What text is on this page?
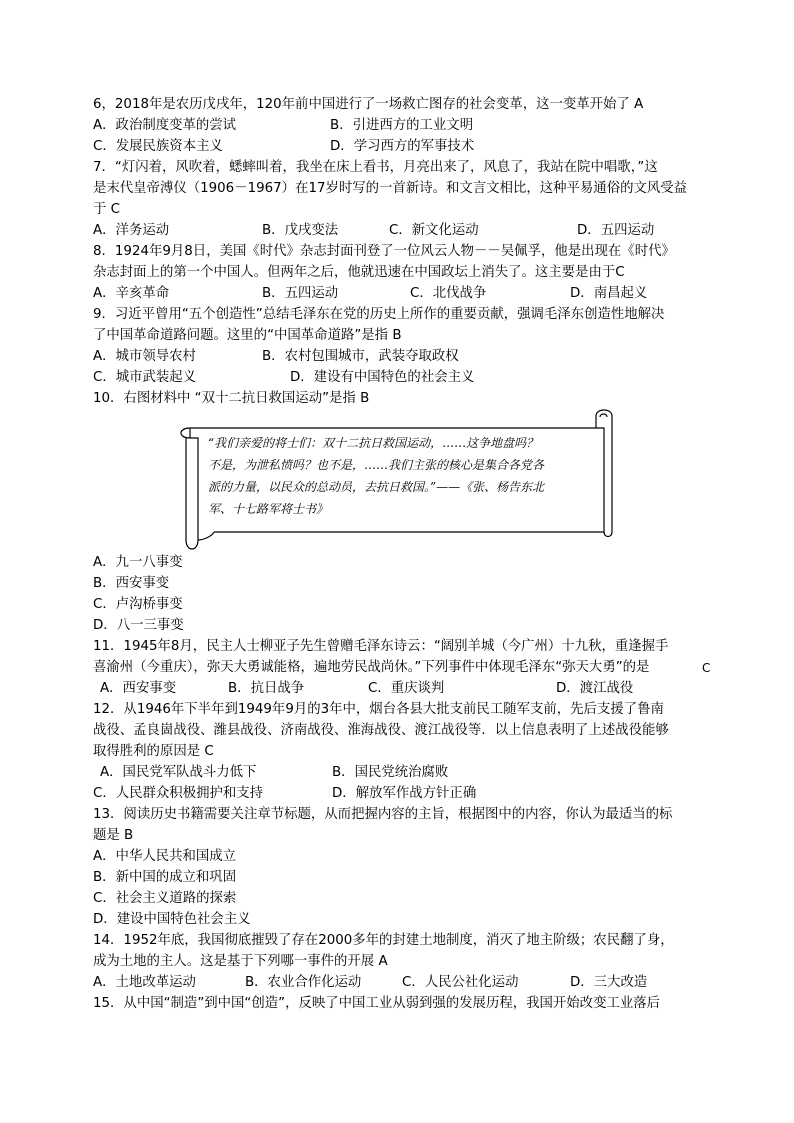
6，2018年是农历戊戌年，120年前中国进行了一场救亡图存的社会变革，这一变革开始了 A
A．政治制度变革的尝试	B．引进西方的工业文明
C．发展民族资本主义	D．学习西方的军事技术
7．“灯闪着，风吹着，蟋蟀叫着，我坐在床上看书，月亮出来了，风息了，我站在院中唱歌，”这
是末代皇帝溥仪（1906－1967）在17岁时写的一首新诗。和文言文相比，这种平易通俗的文风受益
于 C
A．洋务运动	B．戊戌变法	C．新文化运动	D．五四运动
8．1924年9月8日，美国《时代》杂志封面刊登了一位风云人物－－吴佩孚，他是出现在《时代》
杂志封面上的第一个中国人。但两年之后，他就迅速在中国政坛上消失了。这主要是由于C
A．辛亥革命	B．五四运动	C．北伐战争	D．南昌起义
9．习近平曾用“五个创造性”总结毛泽东在党的历史上所作的重要贡献，强调毛泽东创造性地解决
了中国革命道路问题。这里的“中国革命道路”是指 B
A．城市领导农村	B．农村包围城市，武装夺取政权
C．城市武装起义	D．建设有中国特色的社会主义
10．右图材料中 “双十二抗日救国运动”是指 B
“我们亲爱的将士们：双十二抗日救国运动，……这争地盘吗？
不是，为泄私愤吗？也不是，……我们主张的核心是集合各党各
派的力量，以民众的总动员，去抗日救国。”——《张、杨告东北
军、十七路军将士书》
A．九一八事变
B．西安事变
C．卢沟桥事变
D．八一三事变
11．1945年8月，民主人士柳亚子先生曾赠毛泽东诗云：“阔别羊城（今广州）十九秋，重逢握手
喜渝州（今重庆），弥天大勇诚能格，遍地劳民战尚休。”下列事件中体现毛泽东“弥天大勇”的是	C
A．西安事变	B．抗日战争	C．重庆谈判	D．渡江战役
12．从1946年下半年到1949年9月的3年中，烟台各县大批支前民工随军支前，先后支援了鲁南
战役、孟良崮战役、潍县战役、济南战役、淮海战役、渡江战役等．以上信息表明了上述战役能够
取得胜利的原因是 C
A．国民党军队战斗力低下	B．国民党统治腐败
C．人民群众积极拥护和支持	D．解放军作战方针正确
13．阅读历史书籍需要关注章节标题，从而把握内容的主旨，根据图中的内容，你认为最适当的标
题是 B
A．中华人民共和国成立
B．新中国的成立和巩固
C．社会主义道路的探索
D．建设中国特色社会主义
14．1952年底，我国彻底摧毁了存在2000多年的封建土地制度，消灭了地主阶级；农民翻了身，
成为土地的主人。这是基于下列哪一事件的开展 A
A．土地改革运动	B．农业合作化运动	C．人民公社化运动	D．三大改造
15．从中国“制造”到中国“创造”，反映了中国工业从弱到强的发展历程，我国开始改变工业落后
